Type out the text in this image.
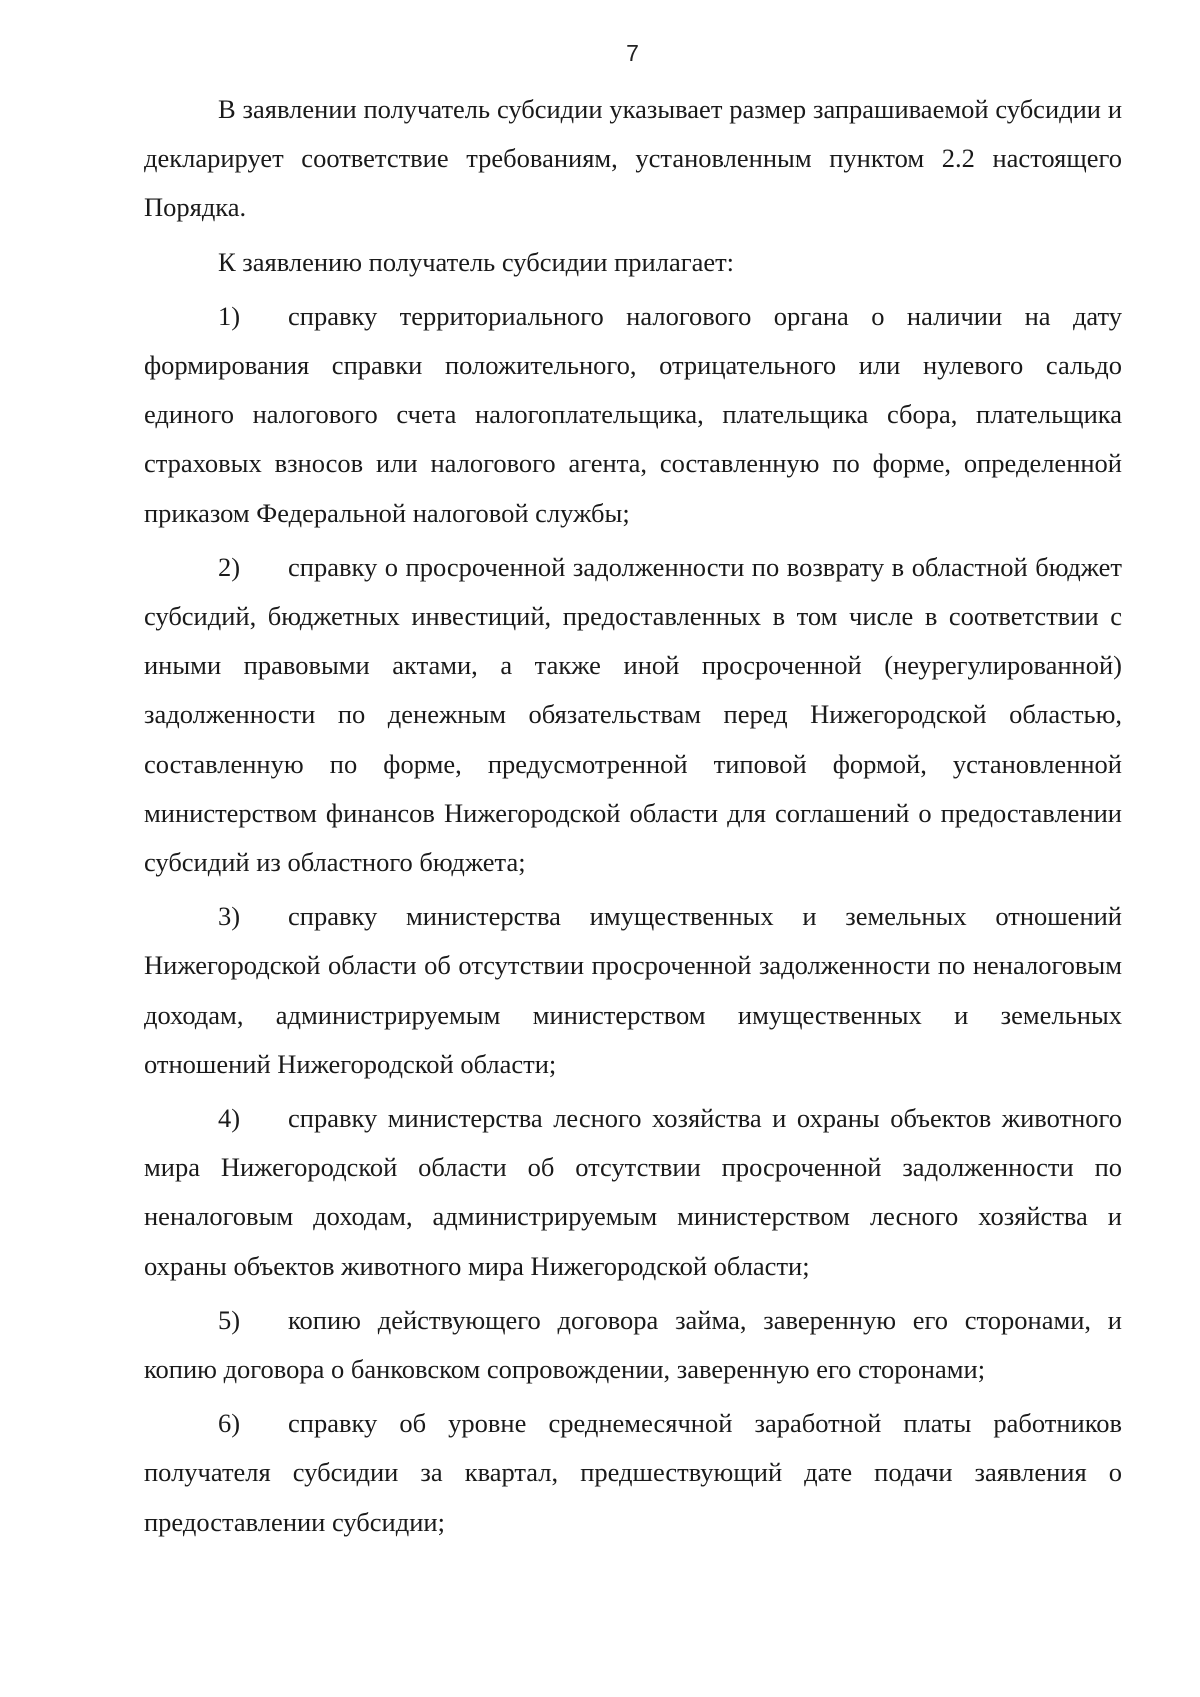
7

В заявлении получатель субсидии указывает размер запрашиваемой субсидии и декларирует соответствие требованиям, установленным пунктом 2.2 настоящего Порядка.

К заявлению получатель субсидии прилагает:

1) справку территориального налогового органа о наличии на дату формирования справки положительного, отрицательного или нулевого сальдо единого налогового счета налогоплательщика, плательщика сбора, плательщика страховых взносов или налогового агента, составленную по форме, определенной приказом Федеральной налоговой службы;

2) справку о просроченной задолженности по возврату в областной бюджет субсидий, бюджетных инвестиций, предоставленных в том числе в соответствии с иными правовыми актами, а также иной просроченной (неурегулированной) задолженности по денежным обязательствам перед Нижегородской областью, составленную по форме, предусмотренной типовой формой, установленной министерством финансов Нижегородской области для соглашений о предоставлении субсидий из областного бюджета;

3) справку министерства имущественных и земельных отношений Нижегородской области об отсутствии просроченной задолженности по неналоговым доходам, администрируемым министерством имущественных и земельных отношений Нижегородской области;

4) справку министерства лесного хозяйства и охраны объектов животного мира Нижегородской области об отсутствии просроченной задолженности по неналоговым доходам, администрируемым министерством лесного хозяйства и охраны объектов животного мира Нижегородской области;

5) копию действующего договора займа, заверенную его сторонами, и копию договора о банковском сопровождении, заверенную его сторонами;

6) справку об уровне среднемесячной заработной платы работников получателя субсидии за квартал, предшествующий дате подачи заявления о предоставлении субсидии;
